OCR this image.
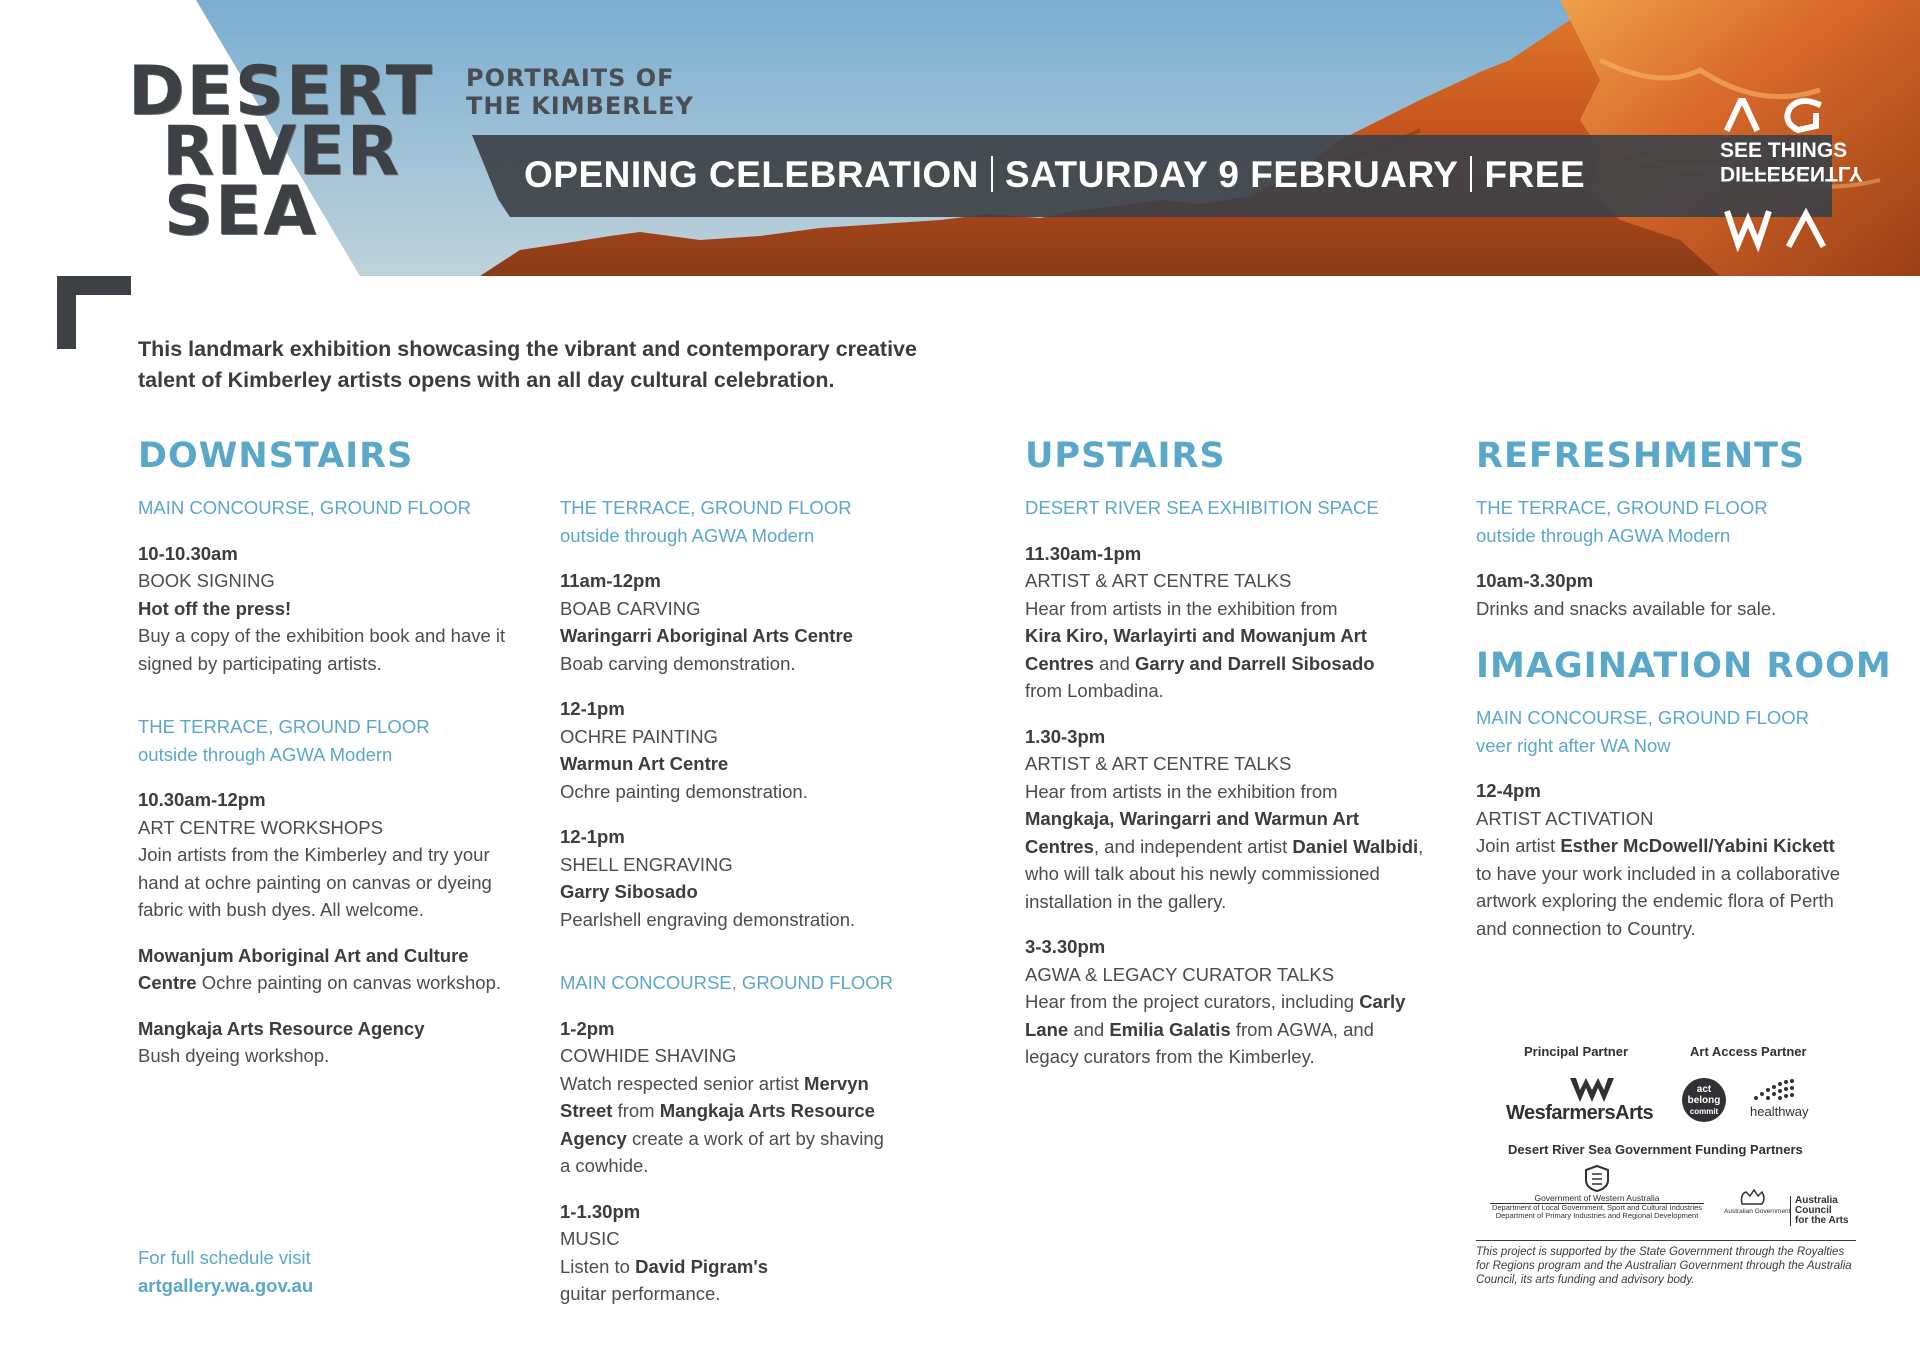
DESERT
RIVER
SEA
PORTRAITS OF
THE KIMBERLEY
OPENING CELEBRATION SATURDAY 9 FEBRUARY FREE
SEE THINGS
DIFFERENTLY
This landmark exhibition showcasing the vibrant and contemporary creative talent of Kimberley artists opens with an all day cultural celebration.
DOWNSTAIRS
MAIN CONCOURSE, GROUND FLOOR
10-10.30am
BOOK SIGNING
Hot off the press!
Buy a copy of the exhibition book and have it signed by participating artists.
THE TERRACE, GROUND FLOOR
outside through AGWA Modern
10.30am-12pm
ART CENTRE WORKSHOPS
Join artists from the Kimberley and try your hand at ochre painting on canvas or dyeing fabric with bush dyes. All welcome.
Mowanjum Aboriginal Art and Culture
Centre Ochre painting on canvas workshop.
Mangkaja Arts Resource Agency
Bush dyeing workshop.
THE TERRACE, GROUND FLOOR
outside through AGWA Modern
11am-12pm
BOAB CARVING
Waringarri Aboriginal Arts Centre
Boab carving demonstration.
12-1pm
OCHRE PAINTING
Warmun Art Centre
Ochre painting demonstration.
12-1pm
SHELL ENGRAVING
Garry Sibosado
Pearlshell engraving demonstration.
MAIN CONCOURSE, GROUND FLOOR
1-2pm
COWHIDE SHAVING
Watch respected senior artist Mervyn
Street from Mangkaja Arts Resource
Agency create a work of art by shaving
a cowhide.
1-1.30pm
MUSIC
Listen to David Pigram's
guitar performance.
UPSTAIRS
DESERT RIVER SEA EXHIBITION SPACE
11.30am-1pm
ARTIST & ART CENTRE TALKS
Hear from artists in the exhibition from
Kira Kiro, Warlayirti and Mowanjum Art
Centres and Garry and Darrell Sibosado
from Lombadina.
1.30-3pm
ARTIST & ART CENTRE TALKS
Hear from artists in the exhibition from
Mangkaja, Waringarri and Warmun Art
Centres, and independent artist Daniel Walbidi,
who will talk about his newly commissioned
installation in the gallery.
3-3.30pm
AGWA & LEGACY CURATOR TALKS
Hear from the project curators, including Carly
Lane and Emilia Galatis from AGWA, and
legacy curators from the Kimberley.
REFRESHMENTS
THE TERRACE, GROUND FLOOR
outside through AGWA Modern
10am-3.30pm
Drinks and snacks available for sale.
IMAGINATION ROOM
MAIN CONCOURSE, GROUND FLOOR
veer right after WA Now
12-4pm
ARTIST ACTIVATION
Join artist Esther McDowell/Yabini Kickett
to have your work included in a collaborative
artwork exploring the endemic flora of Perth
and connection to Country.
For full schedule visit
artgallery.wa.gov.au
Principal Partner	Art Access Partner
WesfarmersArts
act
belong
commit	healthway
Desert River Sea Government Funding Partners
Government of Western Australia
Department of Local Government, Sport and Cultural Industries
Department of Primary Industries and Regional Development	Australian Government
Australia
Council
for the Arts
This project is supported by the State Government through the Royalties for Regions program and the Australian Government through the Australia Council, its arts funding and advisory body.
